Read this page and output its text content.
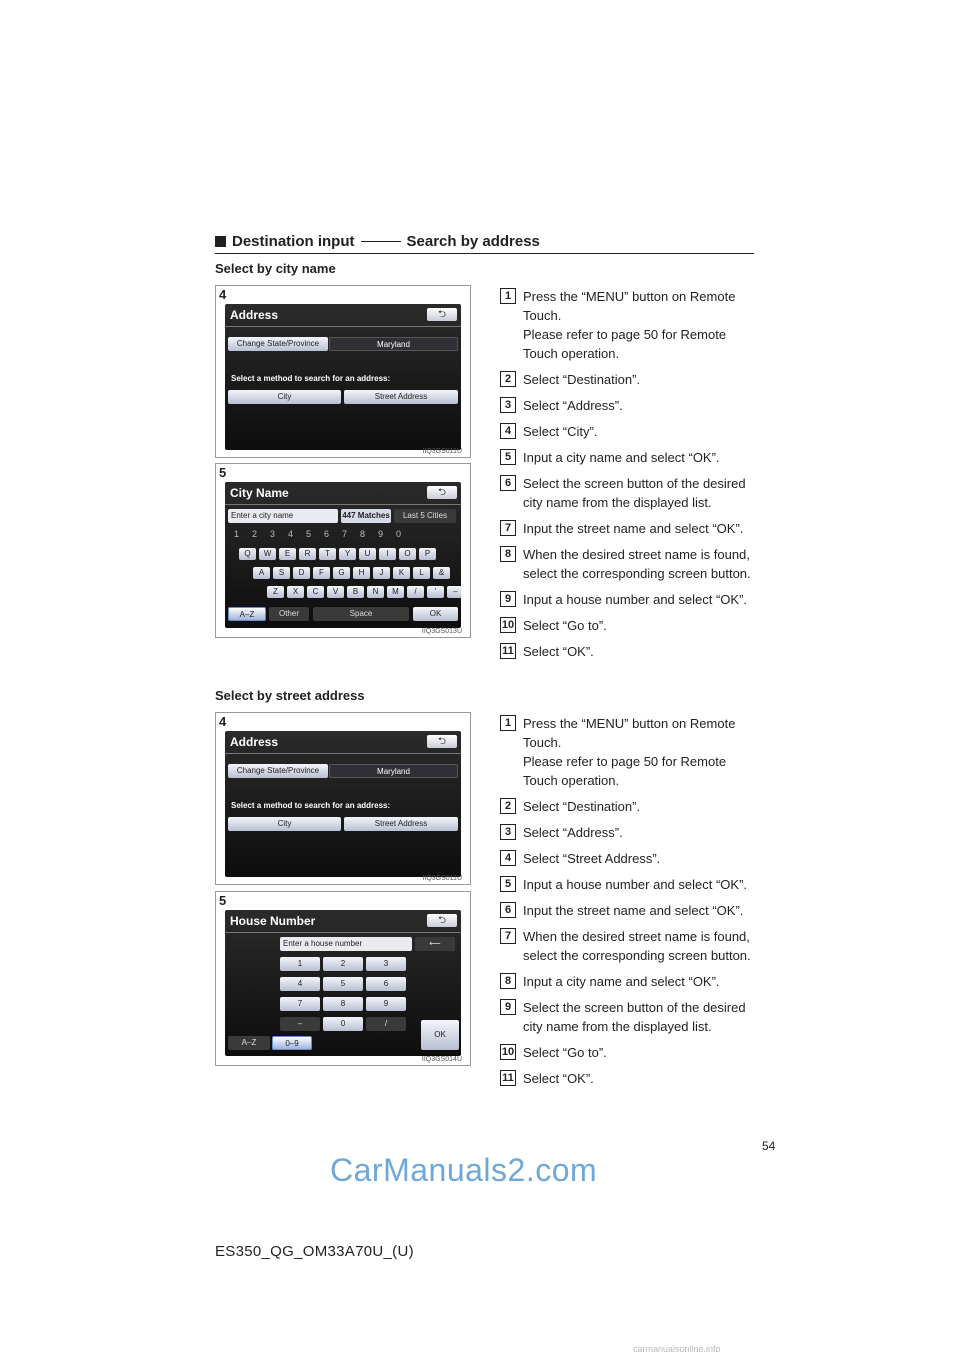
Destination input	Search by address
Select by city name
4
Address	⮌
Change State/Province	Maryland
Select a method to search for an address:
City	Street Address
IIQ3GS011U
5
City Name	⮌
Enter a city name	447 Matches	Last 5 Cities
1 2 3 4 5 6 7 8 9 0
Q	W	E	R	T	Y	U	I	O	P
A	S	D	F	G	H	J	K	L	&
Z	X	C	V	B	N	M	/	'	–
A–Z	Other	Space	OK
IIQ3GS013U
1 Press the “MENU” button on Remote Touch.
Please refer to page 50 for Remote Touch operation.
2 Select “Destination”.
3 Select “Address”.
4 Select “City”.
5 Input a city name and select “OK”.
6 Select the screen button of the desired city name from the displayed list.
7 Input the street name and select “OK”.
8 When the desired street name is found, select the corresponding screen button.
9 Input a house number and select “OK”.
10 Select “Go to”.
11 Select “OK”.
Select by street address
4
Address	⮌
Change State/Province	Maryland
Select a method to search for an address:
City	Street Address
IIQ3GS011U
5
House Number	⮌
Enter a house number	⟵
1	2	3
4	5	6
7	8	9
–	0	/
OK
A–Z	0–9
IIQ3GS014U
1 Press the “MENU” button on Remote Touch.
Please refer to page 50 for Remote Touch operation.
2 Select “Destination”.
3 Select “Address”.
4 Select “Street Address”.
5 Input a house number and select “OK”.
6 Input the street name and select “OK”.
7 When the desired street name is found, select the corresponding screen button.
8 Input a city name and select “OK”.
9 Select the screen button of the desired city name from the displayed list.
10 Select “Go to”.
11 Select “OK”.
54
CarManuals2.com
ES350_QG_OM33A70U_(U)
carmanualsonline.info
